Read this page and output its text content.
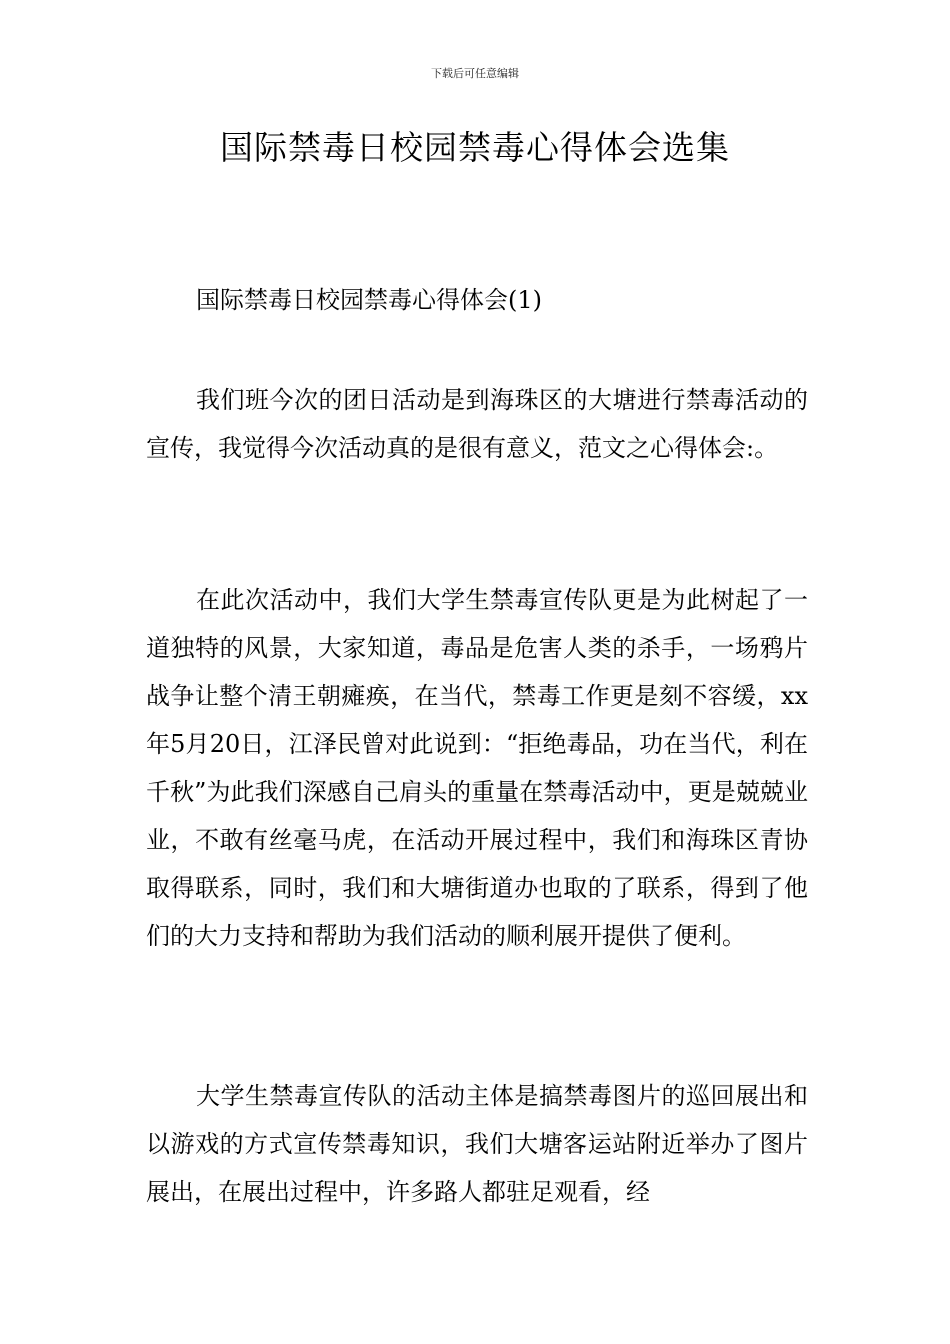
下载后可任意编辑
国际禁毒日校园禁毒心得体会选集

国际禁毒日校园禁毒心得体会(1)

我们班今次的团日活动是到海珠区的大塘进行禁毒活动的宣传，我觉得今次活动真的是很有意义，范文之心得体会:。

在此次活动中，我们大学生禁毒宣传队更是为此树起了一道独特的风景，大家知道，毒品是危害人类的杀手，一场鸦片战争让整个清王朝瘫痪，在当代，禁毒工作更是刻不容缓，xx年5月20日，江泽民曾对此说到：“拒绝毒品，功在当代，利在千秋”为此我们深感自己肩头的重量在禁毒活动中，更是兢兢业业，不敢有丝毫马虎，在活动开展过程中，我们和海珠区青协取得联系，同时，我们和大塘街道办也取的了联系，得到了他们的大力支持和帮助为我们活动的顺利展开提供了便利。

大学生禁毒宣传队的活动主体是搞禁毒图片的巡回展出和以游戏的方式宣传禁毒知识，我们大塘客运站附近举办了图片展出，在展出过程中，许多路人都驻足观看，经
